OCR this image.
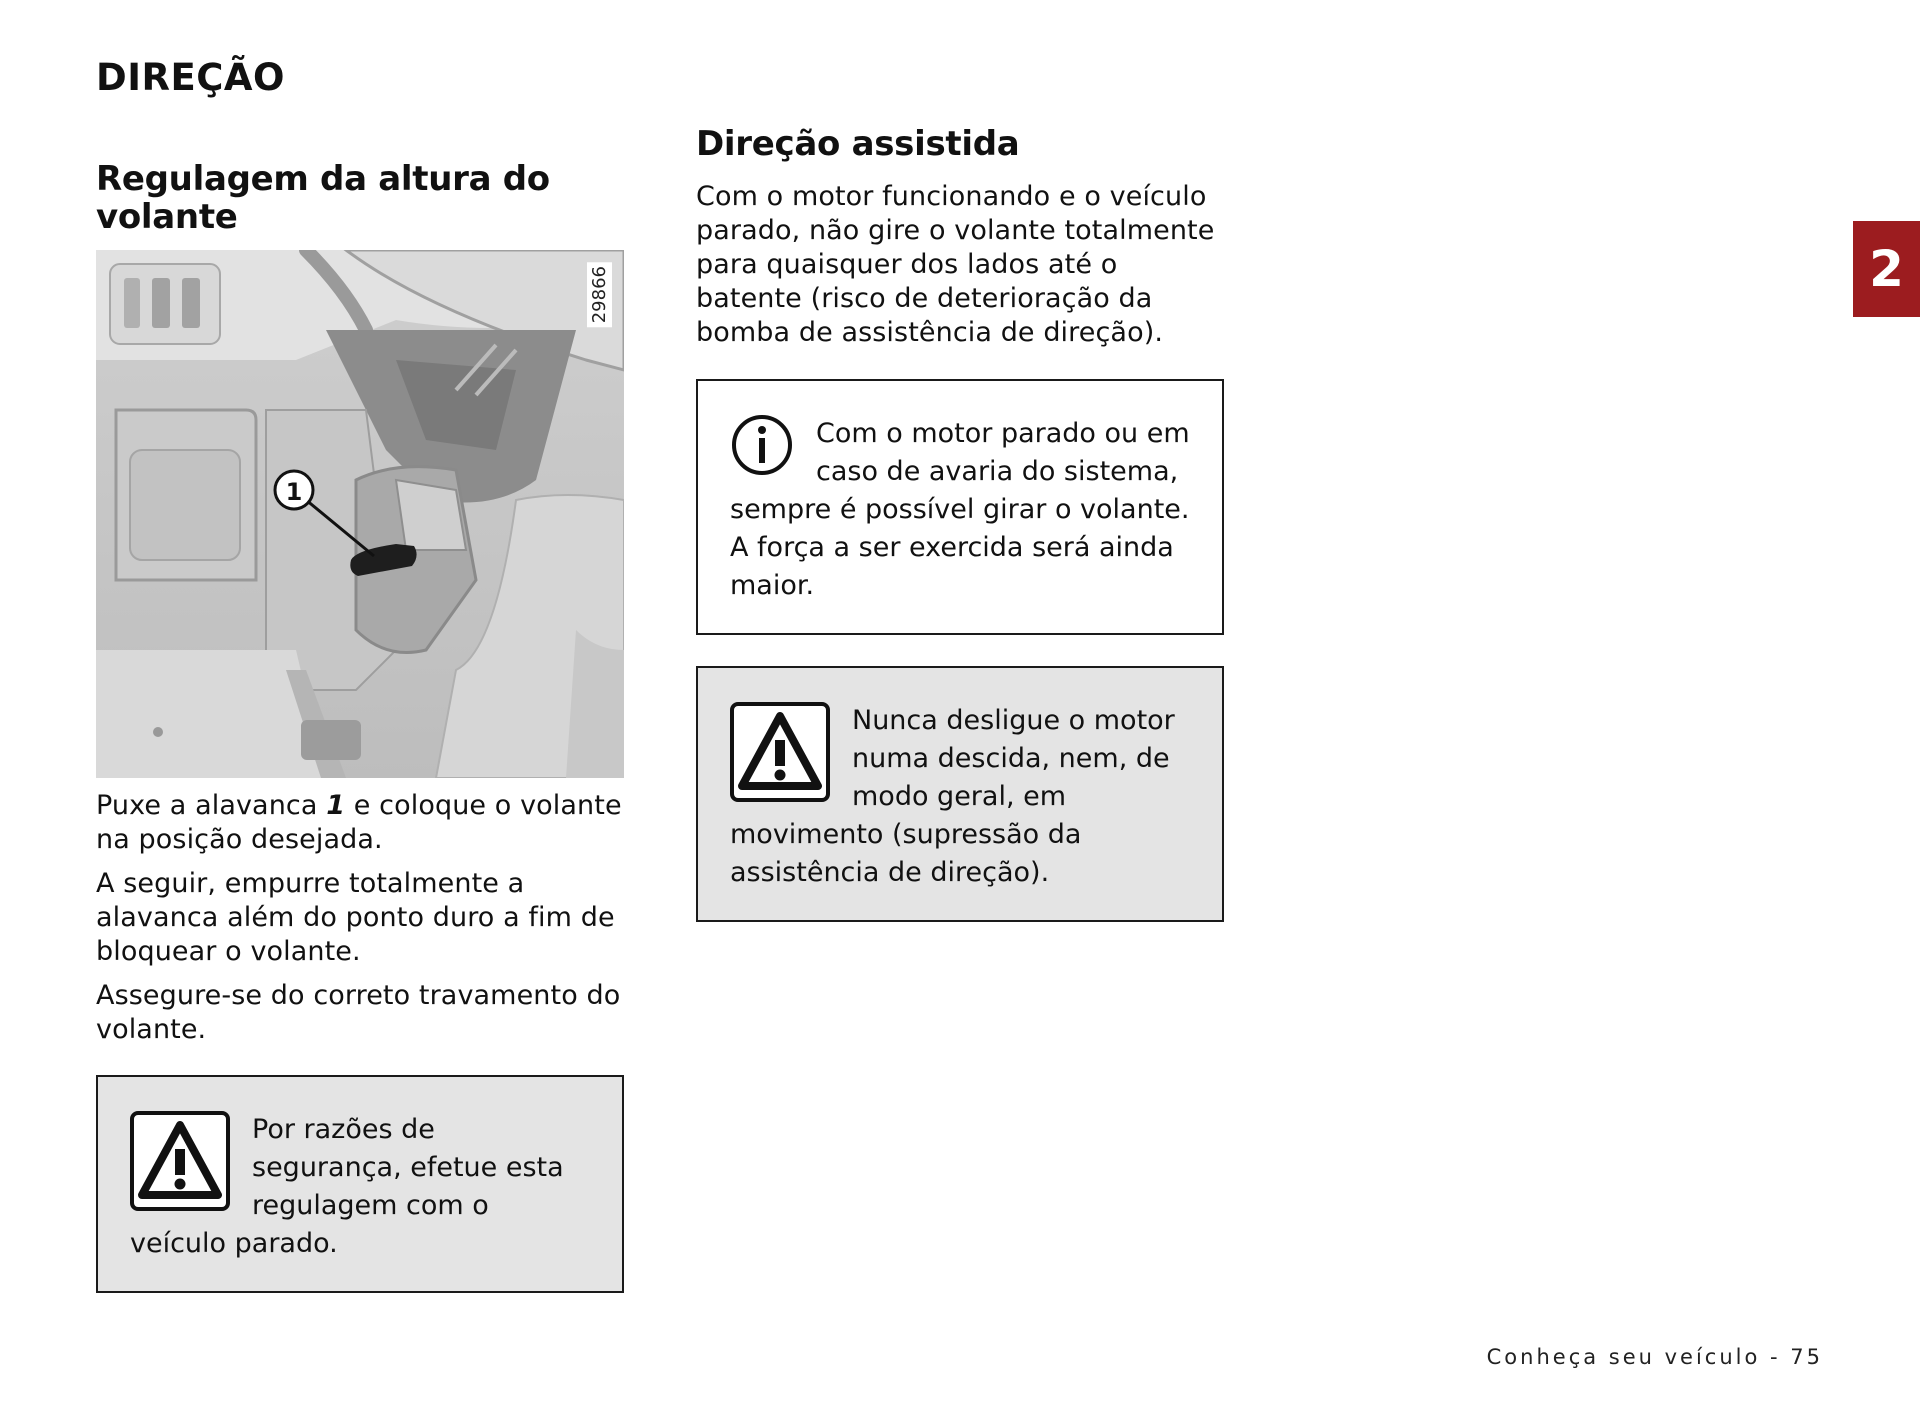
DIREÇÃO
2
Regulagem da altura do volante
1
29866

Puxe a alavanca 1 e coloque o volante na posição desejada.

A seguir, empurre totalmente a alavanca além do ponto duro a fim de bloquear o volante.

Assegure-se do correto travamento do volante.

Por razões de segurança, efetue esta regulagem com o veículo parado.

Direção assistida

Com o motor funcionando e o veículo parado, não gire o volante totalmente para quaisquer dos lados até o batente (risco de deterioração da bomba de assistência de direção).

Com o motor parado ou em caso de avaria do sistema, sempre é possível girar o volante. A força a ser exercida será ainda maior.

Nunca desligue o motor numa descida, nem, de modo geral, em movimento (supressão da assistência de direção).

Conheça seu veículo - 75
